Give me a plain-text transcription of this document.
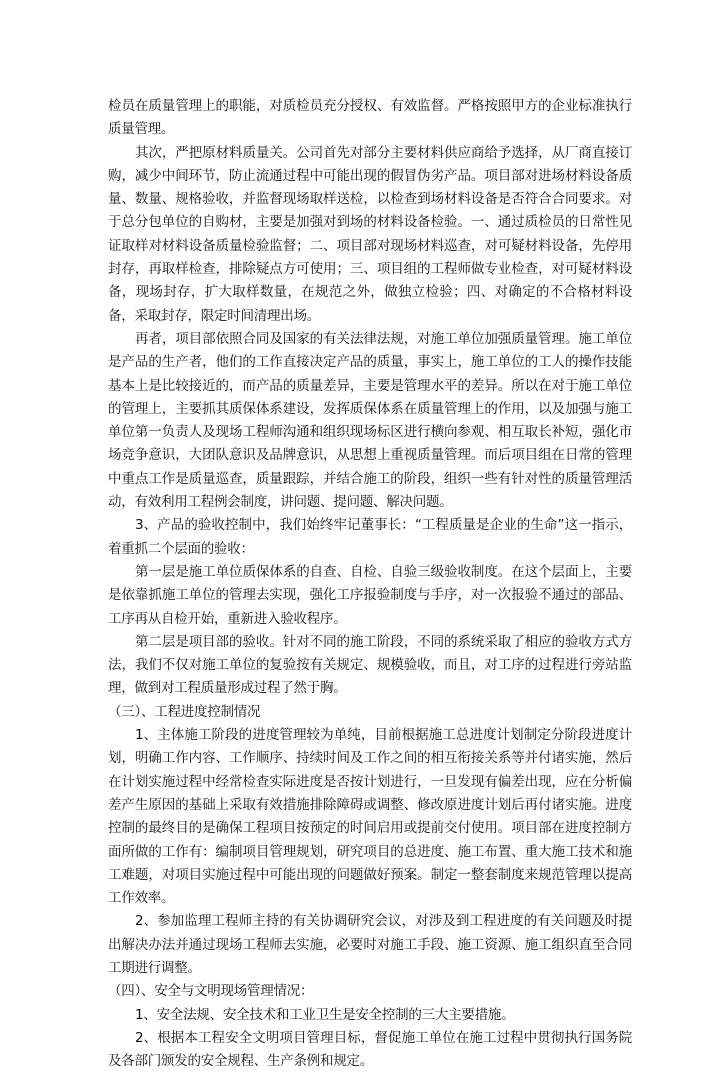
检员在质量管理上的职能，对质检员充分授权、有效监督。严格按照甲方的企业标准执行质量管理。

其次，严把原材料质量关。公司首先对部分主要材料供应商给予选择，从厂商直接订购，减少中间环节，防止流通过程中可能出现的假冒伪劣产品。项目部对进场材料设备质量、数量、规格验收，并监督现场取样送检，以检查到场材料设备是否符合合同要求。对于总分包单位的自购材，主要是加强对到场的材料设备检验。一、通过质检员的日常性见证取样对材料设备质量检验监督；二、项目部对现场材料巡查，对可疑材料设备，先停用封存，再取样检查，排除疑点方可使用；三、项目组的工程师做专业检查，对可疑材料设备，现场封存，扩大取样数量，在规范之外，做独立检验；四、对确定的不合格材料设备，采取封存，限定时间清理出场。

再者，项目部依照合同及国家的有关法律法规，对施工单位加强质量管理。施工单位是产品的生产者，他们的工作直接决定产品的质量，事实上，施工单位的工人的操作技能基本上是比较接近的，而产品的质量差异，主要是管理水平的差异。所以在对于施工单位的管理上，主要抓其质保体系建设，发挥质保体系在质量管理上的作用，以及加强与施工单位第一负责人及现场工程师沟通和组织现场标区进行横向参观、相互取长补短，强化市场竞争意识，大团队意识及品牌意识，从思想上重视质量管理。而后项目组在日常的管理中重点工作是质量巡查，质量跟踪，并结合施工的阶段，组织一些有针对性的质量管理活动，有效利用工程例会制度，讲问题、提问题、解决问题。

3、产品的验收控制中，我们始终牢记董事长：“工程质量是企业的生命”这一指示，着重抓二个层面的验收：

第一层是施工单位质保体系的自查、自检、自验三级验收制度。在这个层面上，主要是依靠抓施工单位的管理去实现，强化工序报验制度与手序，对一次报验不通过的部品、工序再从自检开始，重新进入验收程序。

第二层是项目部的验收。针对不同的施工阶段，不同的系统采取了相应的验收方式方法，我们不仅对施工单位的复验按有关规定、规模验收，而且，对工序的过程进行旁站监理，做到对工程质量形成过程了然于胸。

（三）、工程进度控制情况

1、主体施工阶段的进度管理较为单纯，目前根据施工总进度计划制定分阶段进度计划，明确工作内容、工作顺序、持续时间及工作之间的相互衔接关系等并付诸实施，然后在计划实施过程中经常检查实际进度是否按计划进行，一旦发现有偏差出现，应在分析偏差产生原因的基础上采取有效措施排除障碍或调整、修改原进度计划后再付诸实施。进度控制的最终目的是确保工程项目按预定的时间启用或提前交付使用。项目部在进度控制方面所做的工作有：编制项目管理规划，研究项目的总进度、施工布置、重大施工技术和施工难题，对项目实施过程中可能出现的问题做好预案。制定一整套制度来规范管理以提高工作效率。

2、参加监理工程师主持的有关协调研究会议，对涉及到工程进度的有关问题及时提出解决办法并通过现场工程师去实施，必要时对施工手段、施工资源、施工组织直至合同工期进行调整。

（四）、安全与文明现场管理情况：

1、安全法规、安全技术和工业卫生是安全控制的三大主要措施。

2、根据本工程安全文明项目管理目标，督促施工单位在施工过程中贯彻执行国务院及各部门颁发的安全规程、生产条例和规定。
